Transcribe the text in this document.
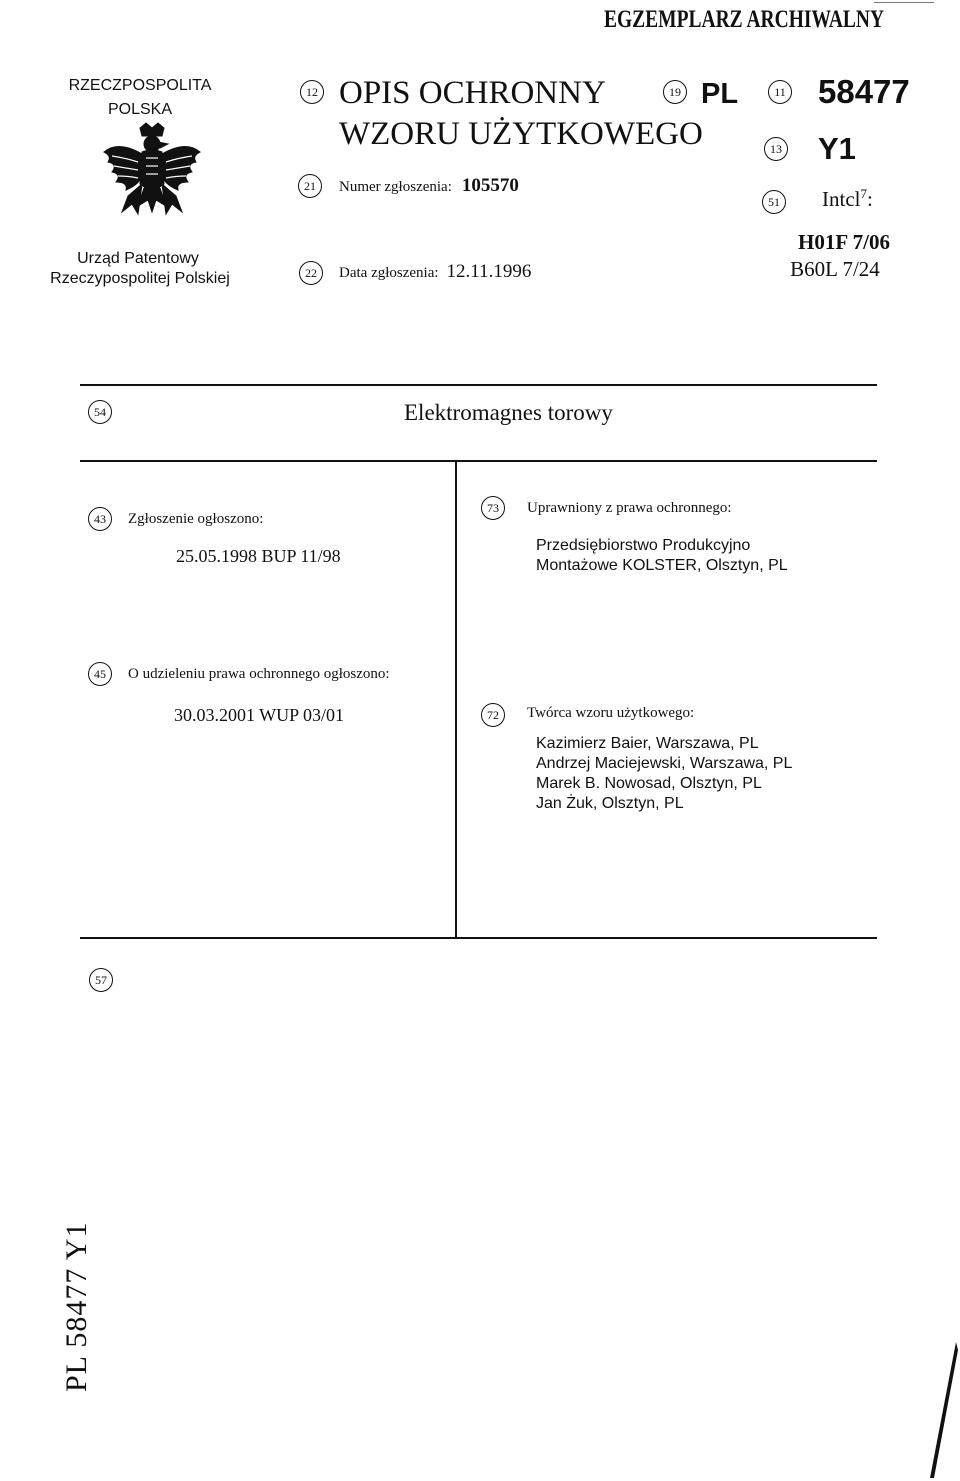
EGZEMPLARZ ARCHIWALNY
RZECZPOSPOLITA
POLSKA
Urząd Patentowy
Rzeczypospolitej Polskiej
12 OPIS OCHRONNY
WZORU UŻYTKOWEGO
19 PL	11 58477
13 Y1
21	Numer zgłoszenia: 105570
51 Intcl$^7$:
H01F 7/06
B60L 7/24
22	Data zgłoszenia: 12.11.1996
54	Elektromagnes torowy
43	Zgłoszenie ogłoszono:
25.05.1998 BUP 11/98
73	Uprawniony z prawa ochronnego:
Przedsiębiorstwo Produkcyjno
Montażowe KOLSTER, Olsztyn, PL
45	O udzieleniu prawa ochronnego ogłoszono:
30.03.2001 WUP 03/01	72	Twórca wzoru użytkowego:
Kazimierz Baier, Warszawa, PL
Andrzej Maciejewski, Warszawa, PL
Marek B. Nowosad, Olsztyn, PL
Jan Żuk, Olsztyn, PL
57
PL 58477 Y1
